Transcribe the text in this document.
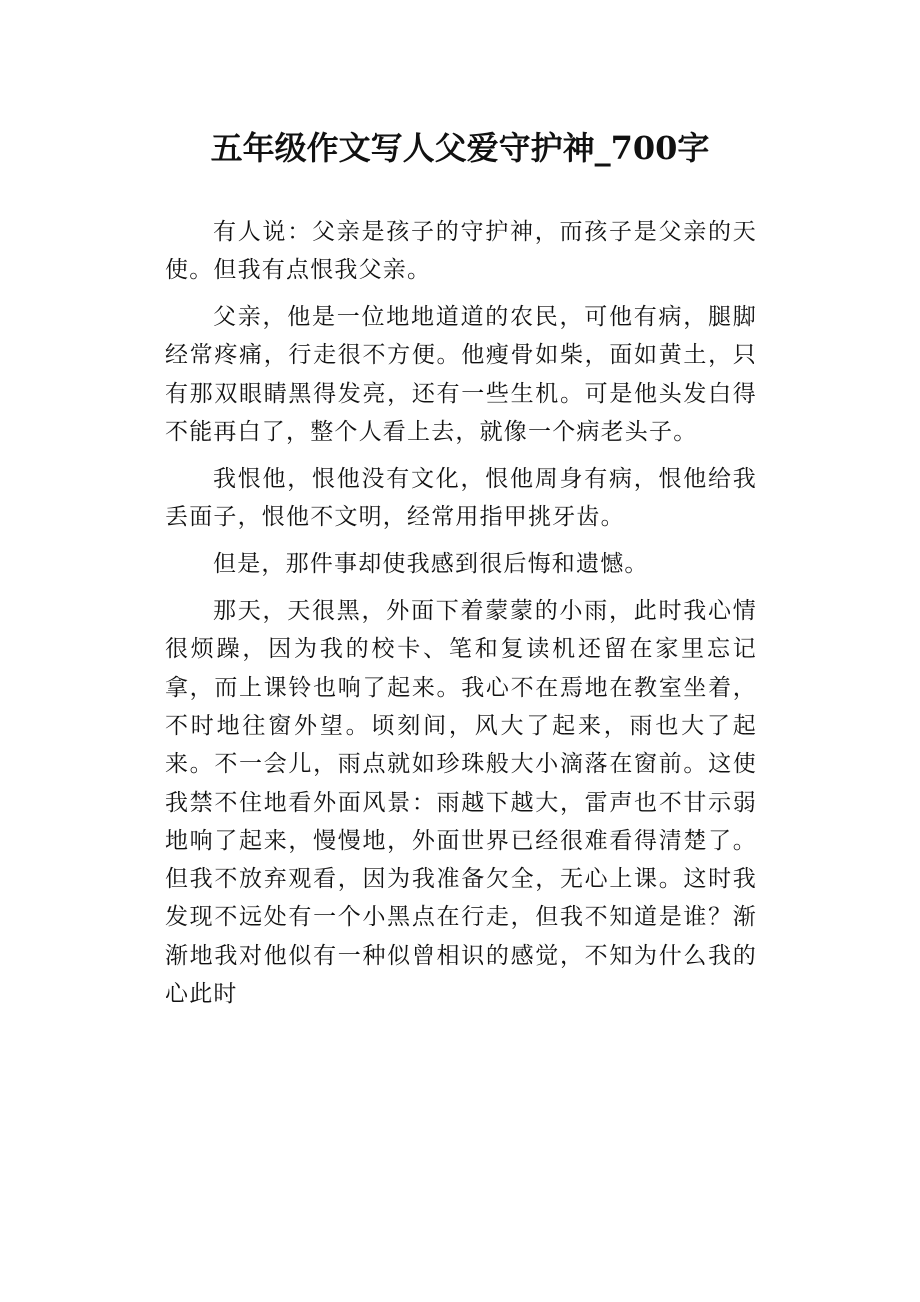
五年级作文写人父爱守护神_700字

有人说：父亲是孩子的守护神，而孩子是父亲的天使。但我有点恨我父亲。

父亲，他是一位地地道道的农民，可他有病，腿脚经常疼痛，行走很不方便。他瘦骨如柴，面如黄土，只有那双眼睛黑得发亮，还有一些生机。可是他头发白得不能再白了，整个人看上去，就像一个病老头子。

我恨他，恨他没有文化，恨他周身有病，恨他给我丢面子，恨他不文明，经常用指甲挑牙齿。

但是，那件事却使我感到很后悔和遗憾。

那天，天很黑，外面下着蒙蒙的小雨，此时我心情很烦躁，因为我的校卡、笔和复读机还留在家里忘记拿，而上课铃也响了起来。我心不在焉地在教室坐着，不时地往窗外望。顷刻间，风大了起来，雨也大了起来。不一会儿，雨点就如珍珠般大小滴落在窗前。这使我禁不住地看外面风景：雨越下越大，雷声也不甘示弱地响了起来，慢慢地，外面世界已经很难看得清楚了。但我不放弃观看，因为我准备欠全，无心上课。这时我发现不远处有一个小黑点在行走，但我不知道是谁？渐渐地我对他似有一种似曾相识的感觉，不知为什么我的心此时
